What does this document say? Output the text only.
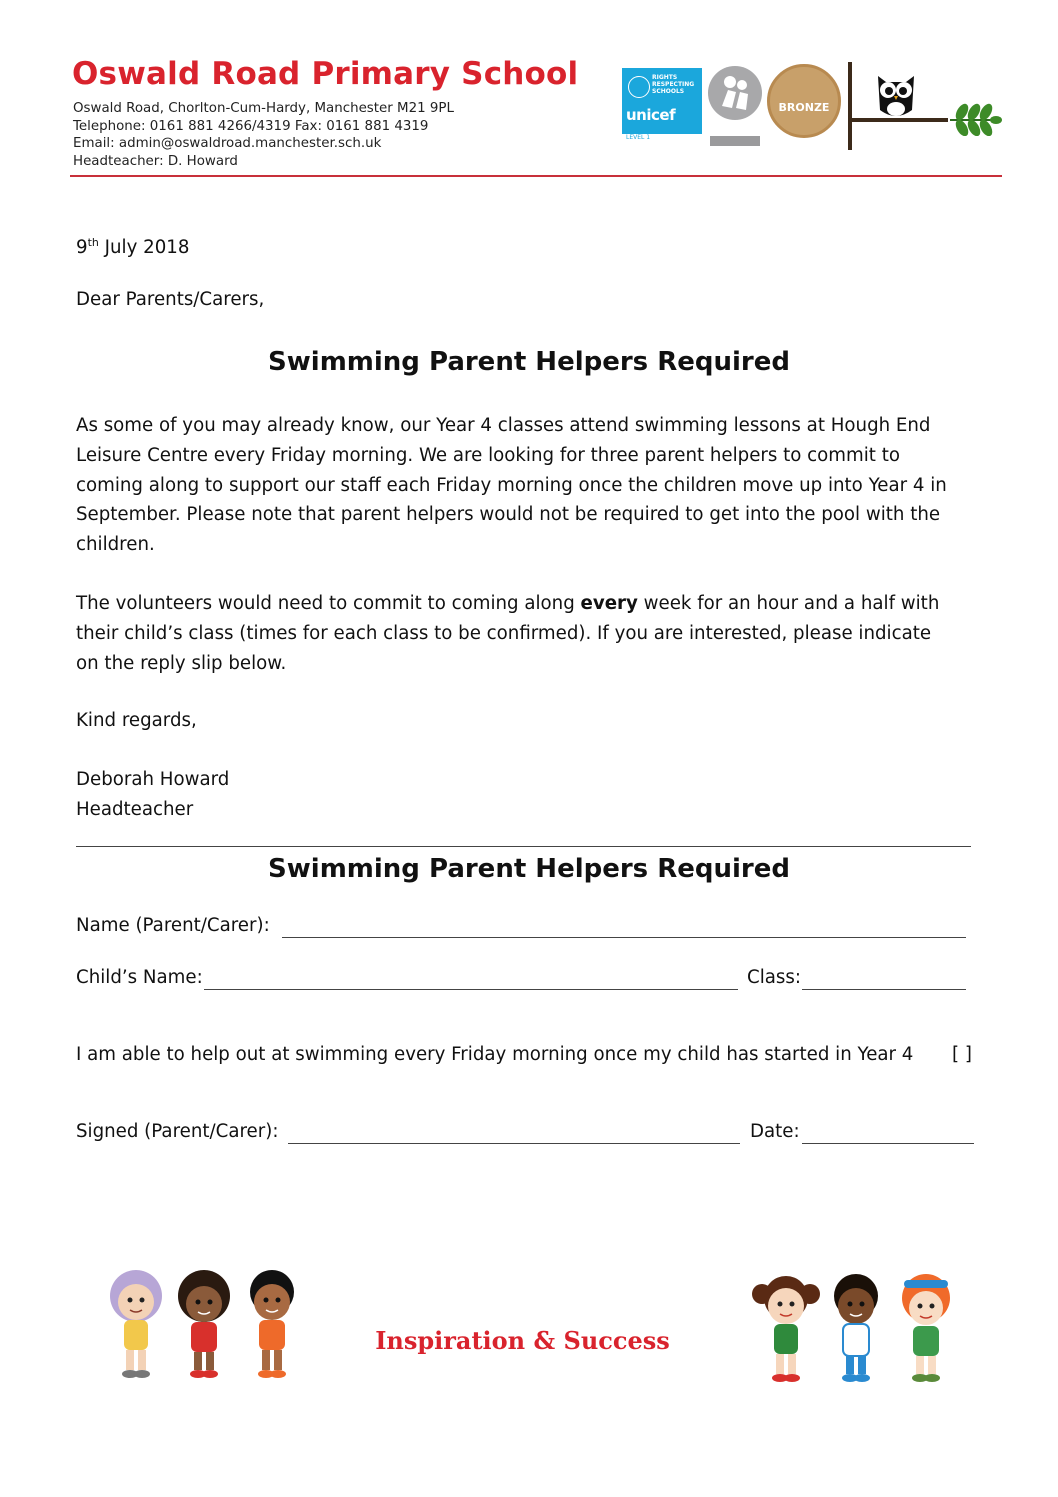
Oswald Road Primary School
Oswald Road, Chorlton-Cum-Hardy, Manchester M21 9PL
Telephone: 0161 881 4266/4319 Fax: 0161 881 4319
Email: admin@oswaldroad.manchester.sch.uk
Headteacher: D. Howard
RIGHTS RESPECTING SCHOOLS
unicef
LEVEL 1
BRONZE
9th July 2018
Dear Parents/Carers,
Swimming Parent Helpers Required
As some of you may already know, our Year 4 classes attend swimming lessons at Hough End
Leisure Centre every Friday morning. We are looking for three parent helpers to commit to
coming along to support our staff each Friday morning once the children move up into Year 4 in
September. Please note that parent helpers would not be required to get into the pool with the
children.
The volunteers would need to commit to coming along every week for an hour and a half with
their child’s class (times for each class to be confirmed). If you are interested, please indicate
on the reply slip below.
Kind regards,
Deborah Howard
Headteacher
Swimming Parent Helpers Required
Name (Parent/Carer):
Child’s Name:	Class:
I am able to help out at swimming every Friday morning once my child has started in Year 4 [ ]
Signed (Parent/Carer):	Date:
Inspiration & Success
